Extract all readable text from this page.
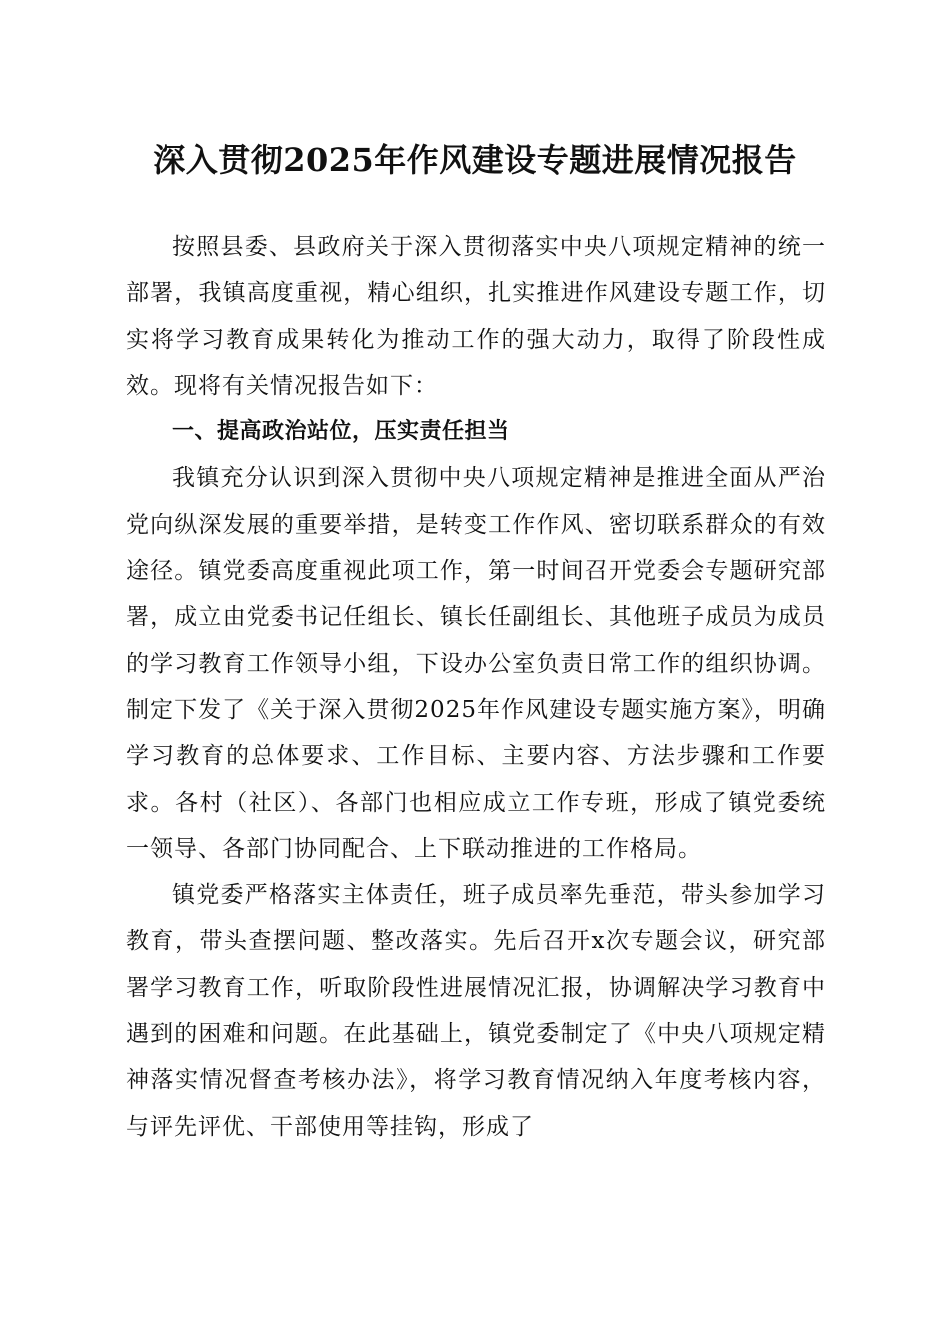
深入贯彻2025年作风建设专题进展情况报告

按照县委、县政府关于深入贯彻落实中央八项规定精神的统一部署，我镇高度重视，精心组织，扎实推进作风建设专题工作，切实将学习教育成果转化为推动工作的强大动力，取得了阶段性成效。现将有关情况报告如下：

一、提高政治站位，压实责任担当

我镇充分认识到深入贯彻中央八项规定精神是推进全面从严治党向纵深发展的重要举措，是转变工作作风、密切联系群众的有效途径。镇党委高度重视此项工作，第一时间召开党委会专题研究部署，成立由党委书记任组长、镇长任副组长、其他班子成员为成员的学习教育工作领导小组，下设办公室负责日常工作的组织协调。制定下发了《关于深入贯彻2025年作风建设专题实施方案》，明确学习教育的总体要求、工作目标、主要内容、方法步骤和工作要求。各村（社区）、各部门也相应成立工作专班，形成了镇党委统一领导、各部门协同配合、上下联动推进的工作格局。

镇党委严格落实主体责任，班子成员率先垂范，带头参加学习教育，带头查摆问题、整改落实。先后召开x次专题会议，研究部署学习教育工作，听取阶段性进展情况汇报，协调解决学习教育中遇到的困难和问题。在此基础上，镇党委制定了《中央八项规定精神落实情况督查考核办法》，将学习教育情况纳入年度考核内容，与评先评优、干部使用等挂钩，形成了
